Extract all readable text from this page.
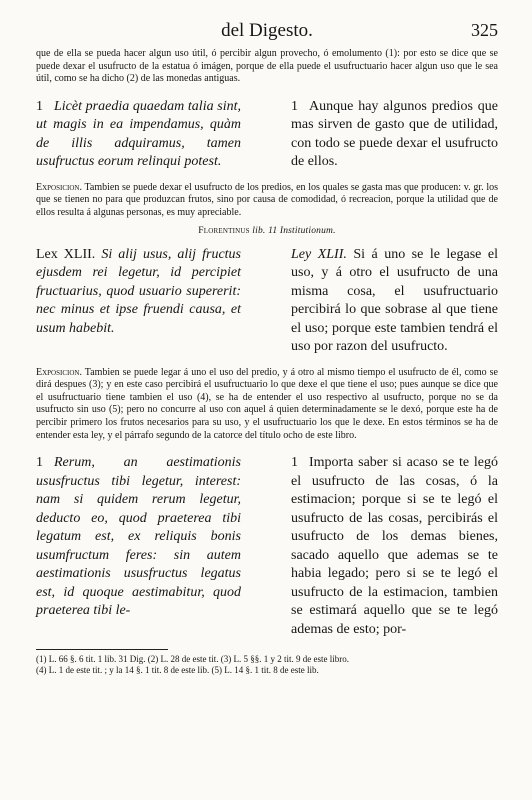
del Digesto.	325

que de ella se pueda hacer algun uso útil, ó percibir algun provecho, ó emolumento (1): por esto se dice que se puede dexar el usufructo de la estatua ó imágen, porque de ella puede el usufructuario hacer algun uso que le sea útil, como se ha dicho (2) de las monedas antiguas.

1 Licèt praedia quaedam talia sint, ut magis in ea impendamus, quàm de illis adquiramus, tamen usufructus eorum relinqui potest.
1 Aunque hay algunos predios que mas sirven de gasto que de utilidad, con todo se puede dexar el usufructo de ellos.

Exposicion. Tambien se puede dexar el usufructo de los predios, en los quales se gasta mas que producen: v. gr. los que se tienen no para que produzcan frutos, sino por causa de comodidad, ó recreacion, porque la utilidad que de ellos resulta á algunas personas, es muy apreciable.

Florentinus lib. 11 Institutionum.
Lex XLII. Si alij usus, alij fructus ejusdem rei legetur, id percipiet fructuarius, quod usuario supererit: nec minus et ipse fruendi causa, et usum habebit.
Ley XLII. Si á uno se le legase el uso, y á otro el usufructo de una misma cosa, el usufructuario percibirá lo que sobrase al que tiene el uso; porque este tambien tendrá el uso por razon del usufructo.

Exposicion. Tambien se puede legar á uno el uso del predio, y á otro al mismo tiempo el usufructo de él, como se dirá despues (3); y en este caso percibirá el usufructuario lo que dexe el que tiene el uso; pues aunque se dice que el usufructuario tiene tambien el uso (4), se ha de entender el uso respectivo al usufructo, porque no se da usufructo sin uso (5); pero no concurre al uso con aquel á quien determinadamente se le dexó, porque este ha de percibir primero los frutos necesarios para su uso, y el usufructuario los que le dexe. En estos términos se ha de entender esta ley, y el párrafo segundo de la catorce del título ocho de este libro.

1 Rerum, an aestimationis ususfructus tibi legetur, interest: nam si quidem rerum legetur, deducto eo, quod praeterea tibi legatum est, ex reliquis bonis usumfructum feres: sin autem aestimationis ususfructus legatus est, id quoque aestimabitur, quod praeterea tibi le-
1 Importa saber si acaso se te legó el usufructo de las cosas, ó la estimacion; porque si se te legó el usufructo de las cosas, percibirás el usufructo de los demas bienes, sacado aquello que ademas se te habia legado; pero si se te legó el usufructo de la estimacion, tambien se estimará aquello que se te legó ademas de esto; por-

(1) L. 66 §. 6 tit. 1 lib. 31 Dig. (2) L. 28 de este tit. (3) L. 5 §§. 1 y 2 tit. 9 de este libro.

(4) L. 1 de este tit. ; y la 14 §. 1 tit. 8 de este lib. (5) L. 14 §. 1 tit. 8 de este lib.
